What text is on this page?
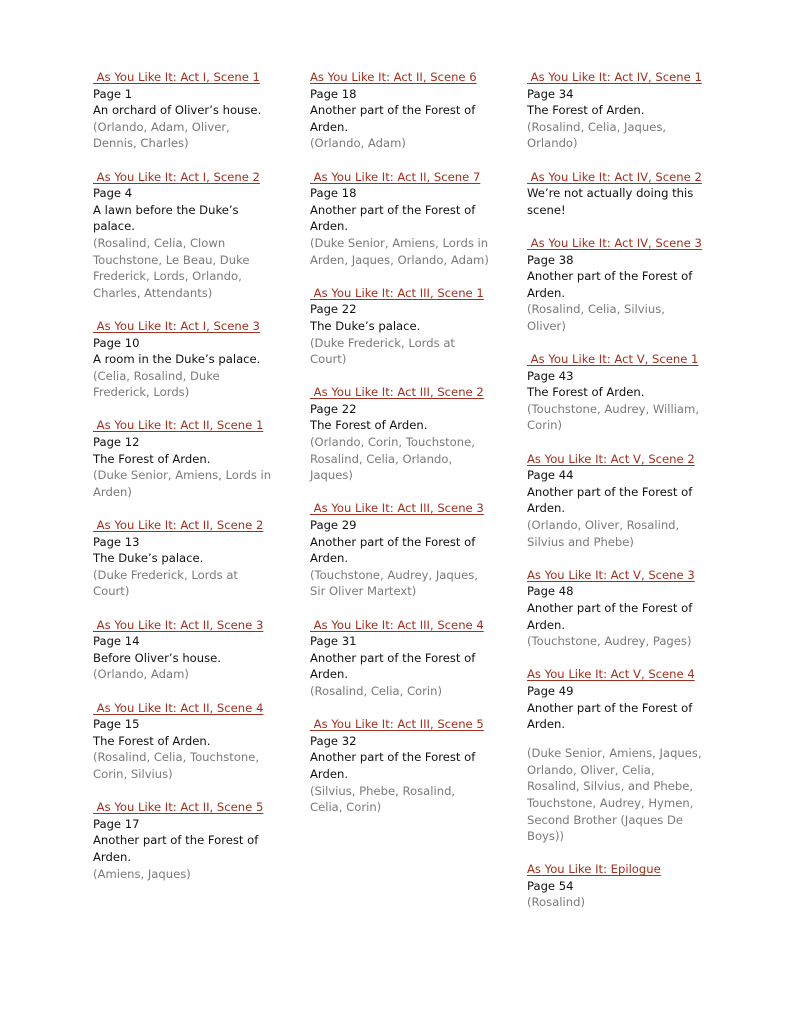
As You Like It: Act I, Scene 1
Page 1
An orchard of Oliver’s house.
(Orlando, Adam, Oliver, Dennis, Charles)
As You Like It: Act I, Scene 2
Page 4
A lawn before the Duke’s palace.
(Rosalind, Celia, Clown Touchstone, Le Beau, Duke Frederick, Lords, Orlando, Charles, Attendants)
As You Like It: Act I, Scene 3
Page 10
A room in the Duke’s palace.
(Celia, Rosalind, Duke Frederick, Lords)
As You Like It: Act II, Scene 1
Page 12
The Forest of Arden.
(Duke Senior, Amiens, Lords in Arden)
As You Like It: Act II, Scene 2
Page 13
The Duke’s palace.
(Duke Frederick, Lords at Court)
As You Like It: Act II, Scene 3
Page 14
Before Oliver’s house.
(Orlando, Adam)
As You Like It: Act II, Scene 4
Page 15
The Forest of Arden.
(Rosalind, Celia, Touchstone, Corin, Silvius)
As You Like It: Act II, Scene 5
Page 17
Another part of the Forest of Arden.
(Amiens, Jaques)
As You Like It: Act II, Scene 6
Page 18
Another part of the Forest of Arden.
(Orlando, Adam)
As You Like It: Act II, Scene 7
Page 18
Another part of the Forest of Arden.
(Duke Senior, Amiens, Lords in Arden, Jaques, Orlando, Adam)
As You Like It: Act III, Scene 1
Page 22
The Duke’s palace.
(Duke Frederick, Lords at Court)
As You Like It: Act III, Scene 2
Page 22
The Forest of Arden.
(Orlando, Corin, Touchstone, Rosalind, Celia, Orlando, Jaques)
As You Like It: Act III, Scene 3
Page 29
Another part of the Forest of Arden.
(Touchstone, Audrey, Jaques, Sir Oliver Martext)
As You Like It: Act III, Scene 4
Page 31
Another part of the Forest of Arden.
(Rosalind, Celia, Corin)
As You Like It: Act III, Scene 5
Page 32
Another part of the Forest of Arden.
(Silvius, Phebe, Rosalind, Celia, Corin)
As You Like It: Act IV, Scene 1
Page 34
The Forest of Arden.
(Rosalind, Celia, Jaques, Orlando)
As You Like It: Act IV, Scene 2
We’re not actually doing this scene!
As You Like It: Act IV, Scene 3
Page 38
Another part of the Forest of Arden.
(Rosalind, Celia, Silvius, Oliver)
As You Like It: Act V, Scene 1
Page 43
The Forest of Arden.
(Touchstone, Audrey, William, Corin)
As You Like It: Act V, Scene 2
Page 44
Another part of the Forest of Arden.
(Orlando, Oliver, Rosalind, Silvius and Phebe)
As You Like It: Act V, Scene 3
Page 48
Another part of the Forest of Arden.
(Touchstone, Audrey, Pages)
As You Like It: Act V, Scene 4
Page 49
Another part of the Forest of Arden.
(Duke Senior, Amiens, Jaques, Orlando, Oliver, Celia, Rosalind, Silvius, and Phebe, Touchstone, Audrey, Hymen, Second Brother (Jaques De Boys))
As You Like It: Epilogue
Page 54
(Rosalind)
